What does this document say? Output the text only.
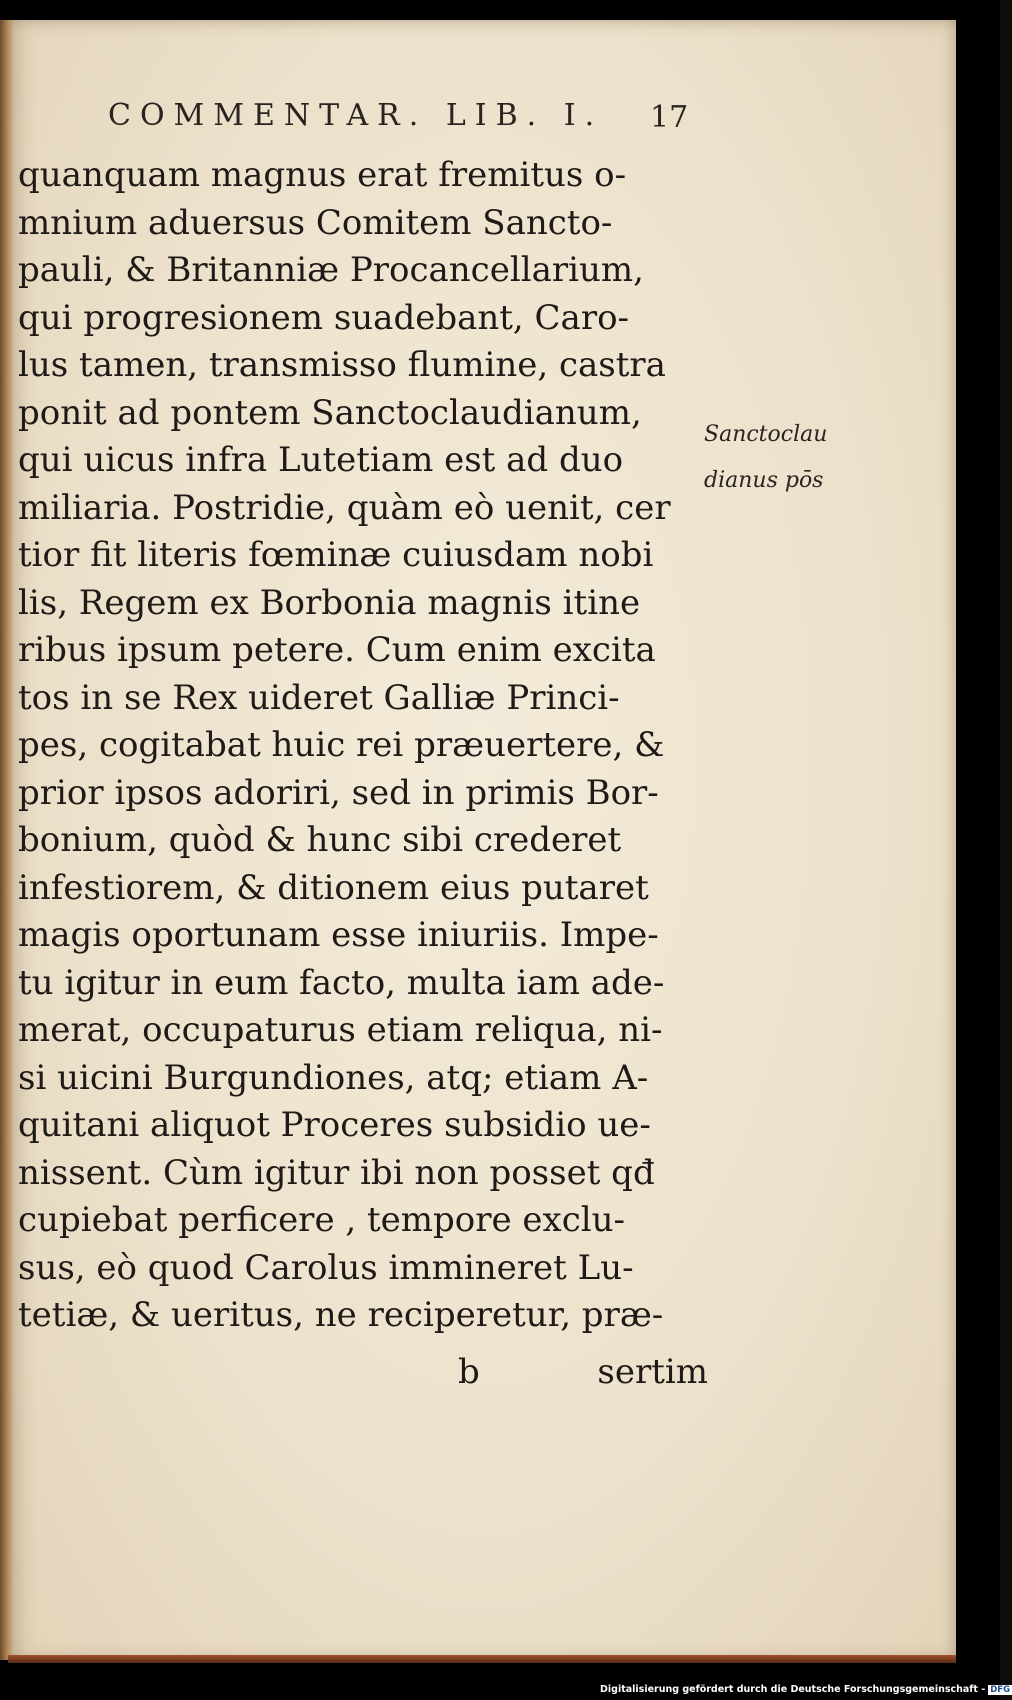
COMMENTAR. LIB. I.	17
quanquam magnus erat fremitus o-
mnium aduersus Comitem Sancto-
pauli, & Britanniæ Procancellarium,
qui progresionem suadebant, Caro-
lus tamen, transmisso flumine, castra
ponit ad pontem Sanctoclaudianum,
qui uicus infra Lutetiam est ad duo
miliaria. Postridie, quàm eò uenit, cer
tior fit literis fœminæ cuiusdam nobi
lis, Regem ex Borbonia magnis itine
ribus ipsum petere. Cum enim excita
tos in se Rex uideret Galliæ Princi-
pes, cogitabat huic rei præuertere, &
prior ipsos adoriri, sed in primis Bor-
bonium, quòd & hunc sibi crederet
infestiorem, & ditionem eius putaret
magis oportunam esse iniuriis. Impe-
tu igitur in eum facto, multa iam ade-
merat, occupaturus etiam reliqua, ni-
si uicini Burgundiones, atq; etiam A-
quitani aliquot Proceres subsidio ue-
nissent. Cùm igitur ibi non posset qđ
cupiebat perficere , tempore exclu-
sus, eò quod Carolus immineret Lu-
tetiæ, & ueritus, ne reciperetur, præ-
b	sertim
Sanctoclau
dianus pōs
Digitalisierung gefördert durch die Deutsche Forschungsgemeinschaft - DFG
